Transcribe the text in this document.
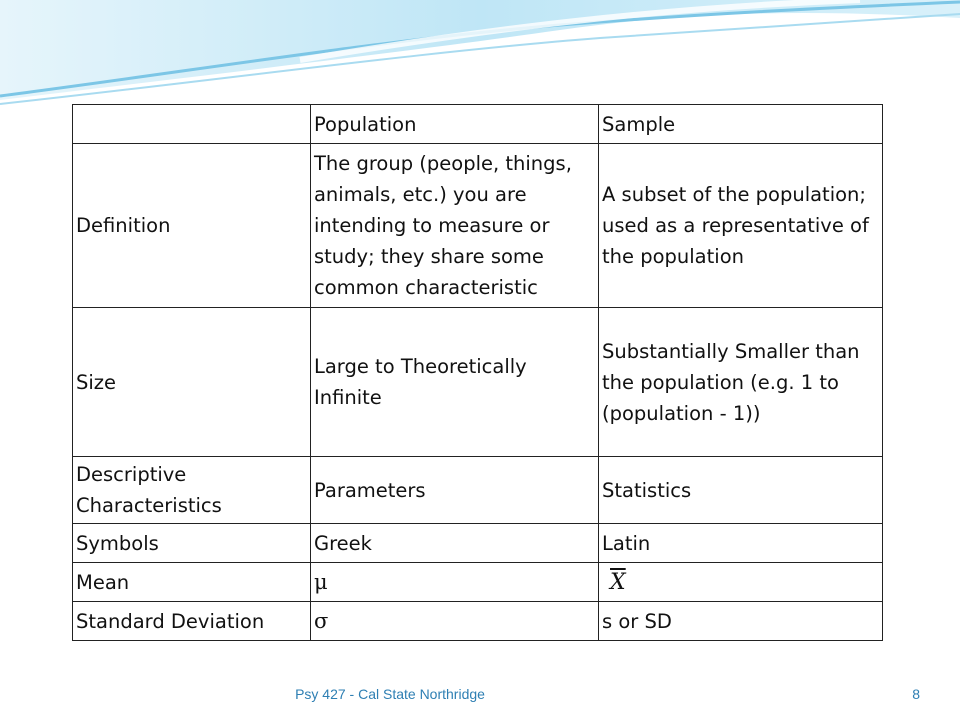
	Population	Sample
Definition	The group (people, things, animals, etc.) you are intending to measure or study; they share some common characteristic	A subset of the population; used as a representative of the population
Size	Large to Theoretically Infinite	Substantially Smaller than the population (e.g. 1 to (population - 1))
Descriptive Characteristics	Parameters	Statistics
Symbols	Greek	Latin
Mean	μ	$\overline{X}$
Standard Deviation	σ	s or SD
Psy 427 - Cal State Northridge	8
